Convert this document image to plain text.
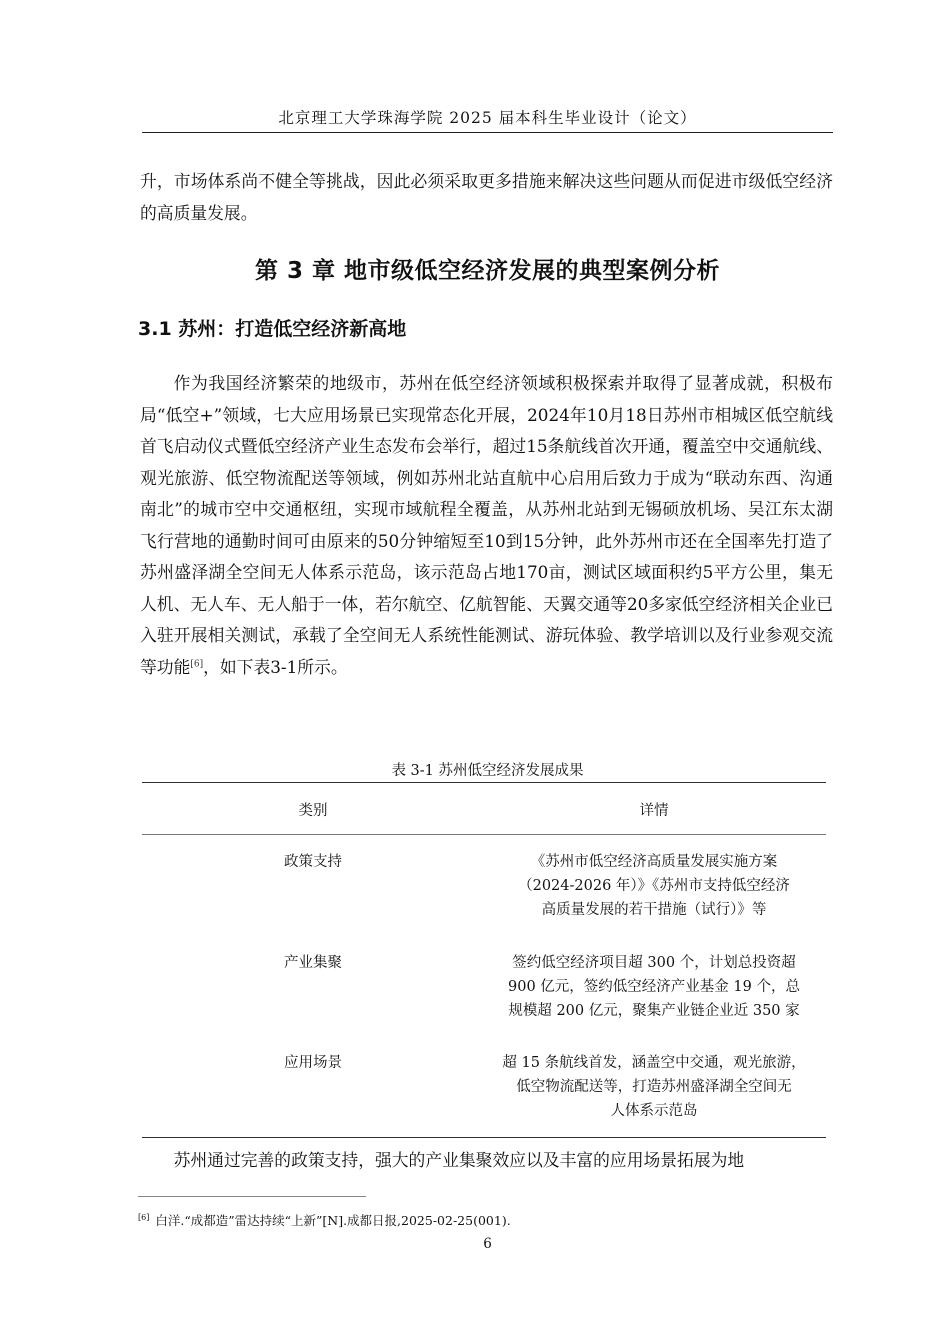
北京理工大学珠海学院 2025 届本科生毕业设计（论文）

升，市场体系尚不健全等挑战，因此必须采取更多措施来解决这些问题从而促进市级低空经济的高质量发展。

第 3 章 地市级低空经济发展的典型案例分析
3.1 苏州：打造低空经济新高地

作为我国经济繁荣的地级市，苏州在低空经济领域积极探索并取得了显著成就，积极布局“低空+”领域，七大应用场景已实现常态化开展，2024年10月18日苏州市相城区低空航线首飞启动仪式暨低空经济产业生态发布会举行，超过15条航线首次开通，覆盖空中交通航线、观光旅游、低空物流配送等领域，例如苏州北站直航中心启用后致力于成为“联动东西、沟通南北”的城市空中交通枢纽，实现市域航程全覆盖，从苏州北站到无锡硕放机场、吴江东太湖飞行营地的通勤时间可由原来的50分钟缩短至10到15分钟，此外苏州市还在全国率先打造了苏州盛泽湖全空间无人体系示范岛，该示范岛占地170亩，测试区域面积约5平方公里，集无人机、无人车、无人船于一体，若尔航空、亿航智能、天翼交通等20多家低空经济相关企业已入驻开展相关测试，承载了全空间无人系统性能测试、游玩体验、教学培训以及行业参观交流等功能[6]，如下表3-1所示。

表 3-1 苏州低空经济发展成果
类别	详情
政策支持	《苏州市低空经济高质量发展实施方案
（2024-2026 年）》《苏州市支持低空经济
高质量发展的若干措施（试行）》等
产业集聚	签约低空经济项目超 300 个，计划总投资超
900 亿元，签约低空经济产业基金 19 个，总
规模超 200 亿元，聚集产业链企业近 350 家
应用场景	超 15 条航线首发，涵盖空中交通，观光旅游，
低空物流配送等，打造苏州盛泽湖全空间无
人体系示范岛

苏州通过完善的政策支持，强大的产业集聚效应以及丰富的应用场景拓展为地

[6] 白洋.“成都造”雷达持续“上新”[N].成都日报,2025-02-25(001).
6
